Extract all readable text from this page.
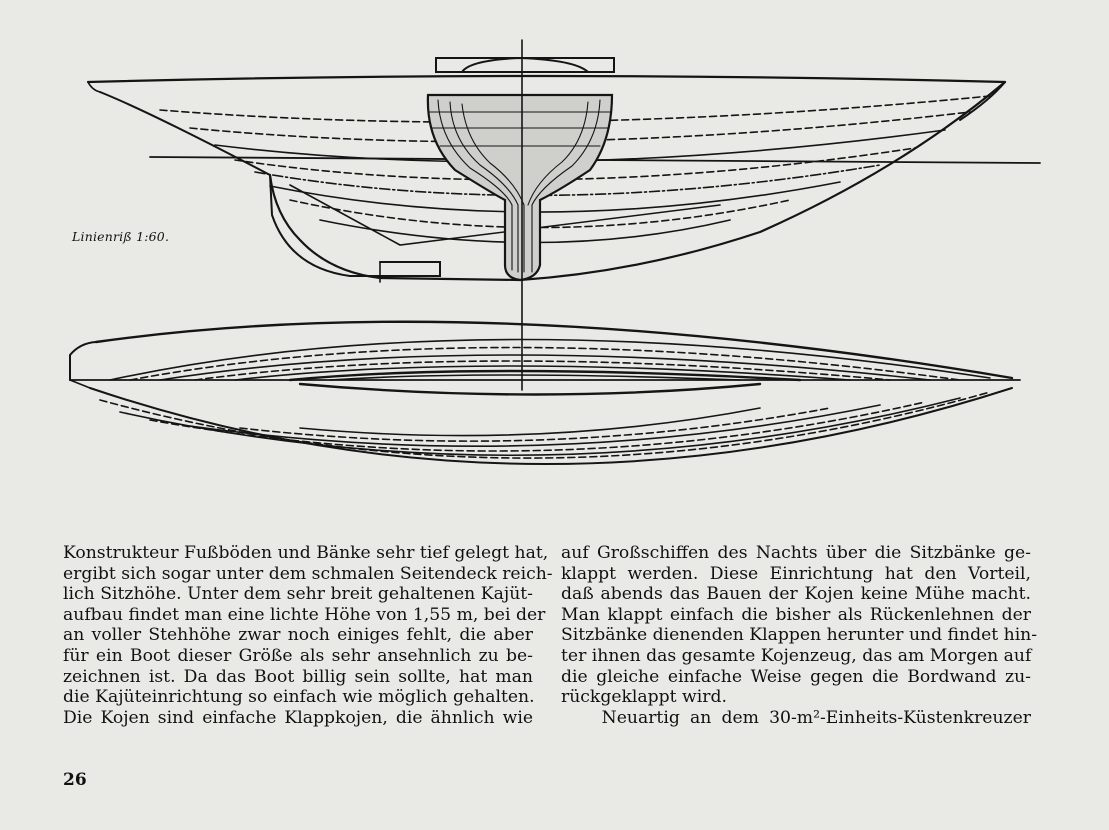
Linienriß 1:60.
Konstrukteur Fußböden und Bänke sehr tief gelegt hat,
ergibt sich sogar unter dem schmalen Seitendeck reich-
lich Sitzhöhe. Unter dem sehr breit gehaltenen Kajüt-
aufbau findet man eine lichte Höhe von 1,55 m, bei der
an voller Stehhöhe zwar noch einiges fehlt, die aber
für ein Boot dieser Größe als sehr ansehnlich zu be-
zeichnen ist. Da das Boot billig sein sollte, hat man
die Kajüteinrichtung so einfach wie möglich gehalten.
Die Kojen sind einfache Klappkojen, die ähnlich wie
auf Großschiffen des Nachts über die Sitzbänke ge-
klappt werden. Diese Einrichtung hat den Vorteil,
daß abends das Bauen der Kojen keine Mühe macht.
Man klappt einfach die bisher als Rückenlehnen der
Sitzbänke dienenden Klappen herunter und findet hin-
ter ihnen das gesamte Kojenzeug, das am Morgen auf
die gleiche einfache Weise gegen die Bordwand zu-
rückgeklappt wird.
Neuartig an dem 30-m²-Einheits-Küstenkreuzer
26
